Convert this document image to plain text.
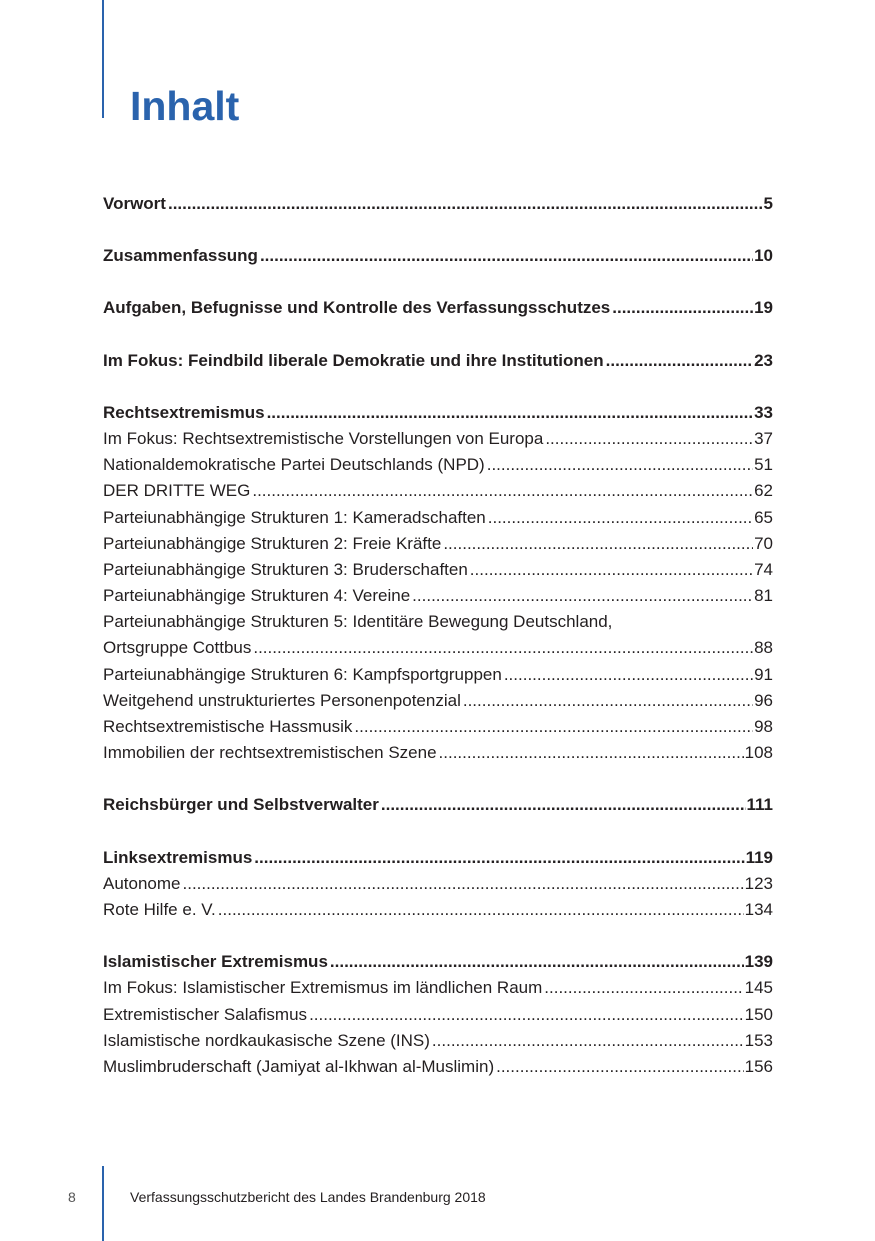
Inhalt
Vorwort .....	5
Zusammenfassung .....	10
Aufgaben, Befugnisse und Kontrolle des Verfassungsschutzes .....	19
Im Fokus: Feindbild liberale Demokratie und ihre Institutionen .....	23
Rechtsextremismus .....	33
Im Fokus: Rechtsextremistische Vorstellungen von Europa .....	37
Nationaldemokratische Partei Deutschlands (NPD) .....	51
DER DRITTE WEG .....	62
Parteiunabhängige Strukturen 1: Kameradschaften .....	65
Parteiunabhängige Strukturen 2: Freie Kräfte .....	70
Parteiunabhängige Strukturen 3: Bruderschaften .....	74
Parteiunabhängige Strukturen 4: Vereine .....	81
Parteiunabhängige Strukturen 5: Identitäre Bewegung Deutschland,
Ortsgruppe Cottbus .....	88
Parteiunabhängige Strukturen 6: Kampfsportgruppen .....	91
Weitgehend unstrukturiertes Personenpotenzial .....	96
Rechtsextremistische Hassmusik .....	98
Immobilien der rechtsextremistischen Szene .....	108
Reichsbürger und Selbstverwalter .....	111
Linksextremismus .....	119
Autonome .....	123
Rote Hilfe e. V. .....	134
Islamistischer Extremismus .....	139
Im Fokus: Islamistischer Extremismus im ländlichen Raum .....	145
Extremistischer Salafismus .....	150
Islamistische nordkaukasische Szene (INS) .....	153
Muslimbruderschaft (Jamiyat al-Ikhwan al-Muslimin) .....	156
8	Verfassungsschutzbericht des Landes Brandenburg 2018
